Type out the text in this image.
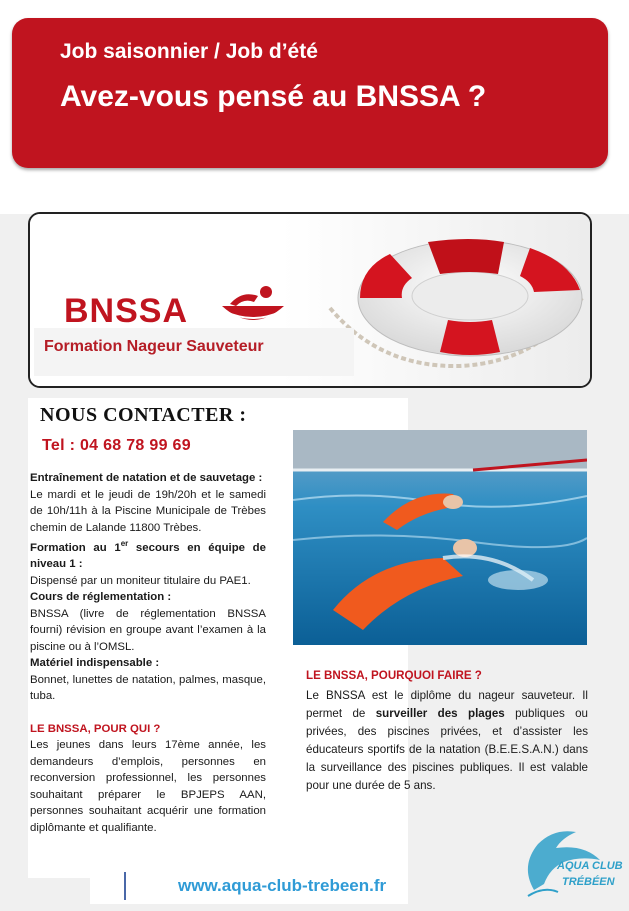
Job saisonnier / Job d’été
Avez-vous pensé au BNSSA ?
BNSSA
Formation Nageur Sauveteur
NOUS CONTACTER :
Tel : 04 68 78 99 69

Entraînement de natation et de sauvetage :

Le mardi et le jeudi de 19h/20h et le samedi de 10h/11h à la Piscine Municipale de Trèbes chemin de Lalande 11800 Trèbes.

Formation au 1er secours en équipe de niveau 1 :

Dispensé par un moniteur titulaire du PAE1.

Cours de réglementation :

BNSSA (livre de réglementation BNSSA fourni) révision en groupe avant l’examen à la piscine ou à l’OMSL.

Matériel indispensable :

Bonnet, lunettes de natation, palmes, masque, tuba.

LE BNSSA, POUR QUI ?

Les jeunes dans leurs 17ème année, les demandeurs d’emplois, personnes en reconversion professionnel, les personnes souhaitant préparer le BPJEPS AAN, personnes souhaitant acquérir une formation diplômante et qualifiante.

LE BNSSA, POURQUOI FAIRE ?

Le BNSSA est le diplôme du nageur sauveteur. Il permet de surveiller des plages publiques ou privées, des piscines privées, et d’assister les éducateurs sportifs de la natation (B.E.E.S.A.N.) dans la surveillance des piscines publiques. Il est valable pour une durée de 5 ans.

www.aqua-club-trebeen.fr
AQUA CLUB
TRÉBÉEN
